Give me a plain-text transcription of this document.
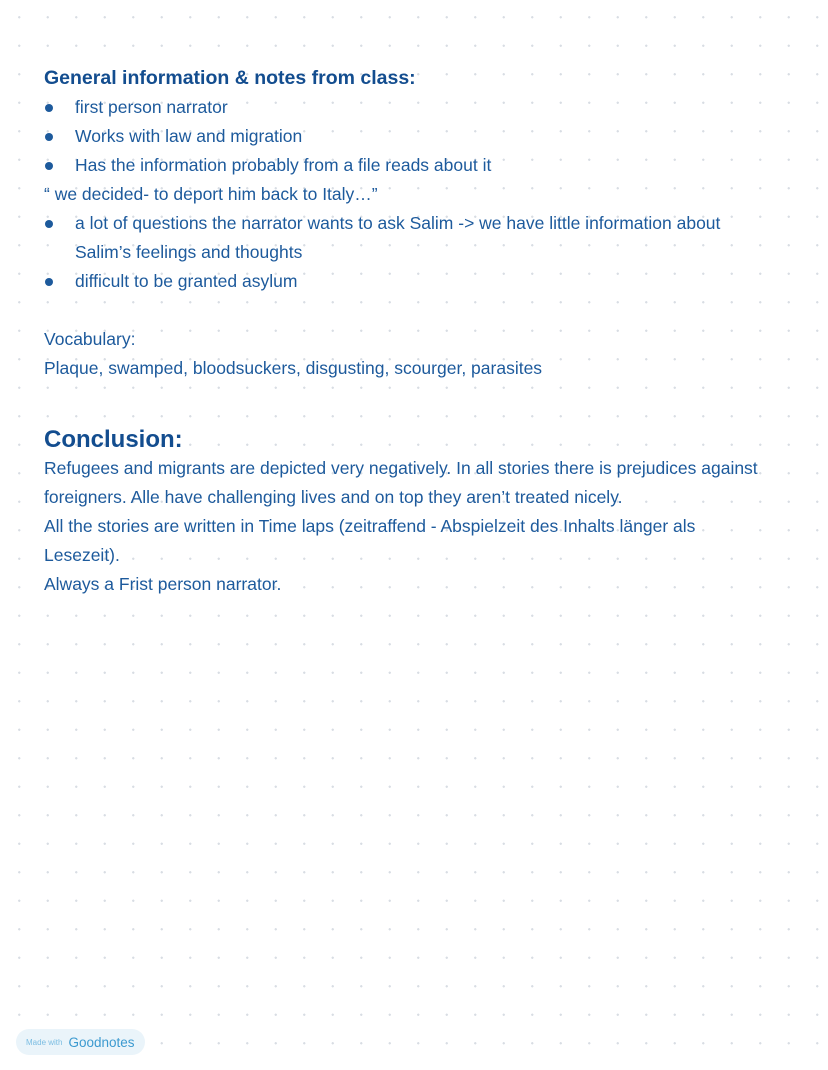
General information & notes from class:

first person narrator
Works with law and migration
Has the information probably from a file reads about it

“ we decided- to deport him back to Italy…”

a lot of questions the narrator wants to ask Salim -> we have little information about Salim’s feelings and thoughts
difficult to be granted asylum

Vocabulary:

Plaque, swamped, bloodsuckers, disgusting, scourger, parasites

Conclusion:

Refugees and migrants are depicted very negatively. In all stories there is prejudices against foreigners. Alle have challenging lives and on top they aren’t treated nicely.

All the stories are written in Time laps (zeitraffend - Abspielzeit des Inhalts länger als Lesezeit).

Always a Frist person narrator.

Made with Goodnotes
